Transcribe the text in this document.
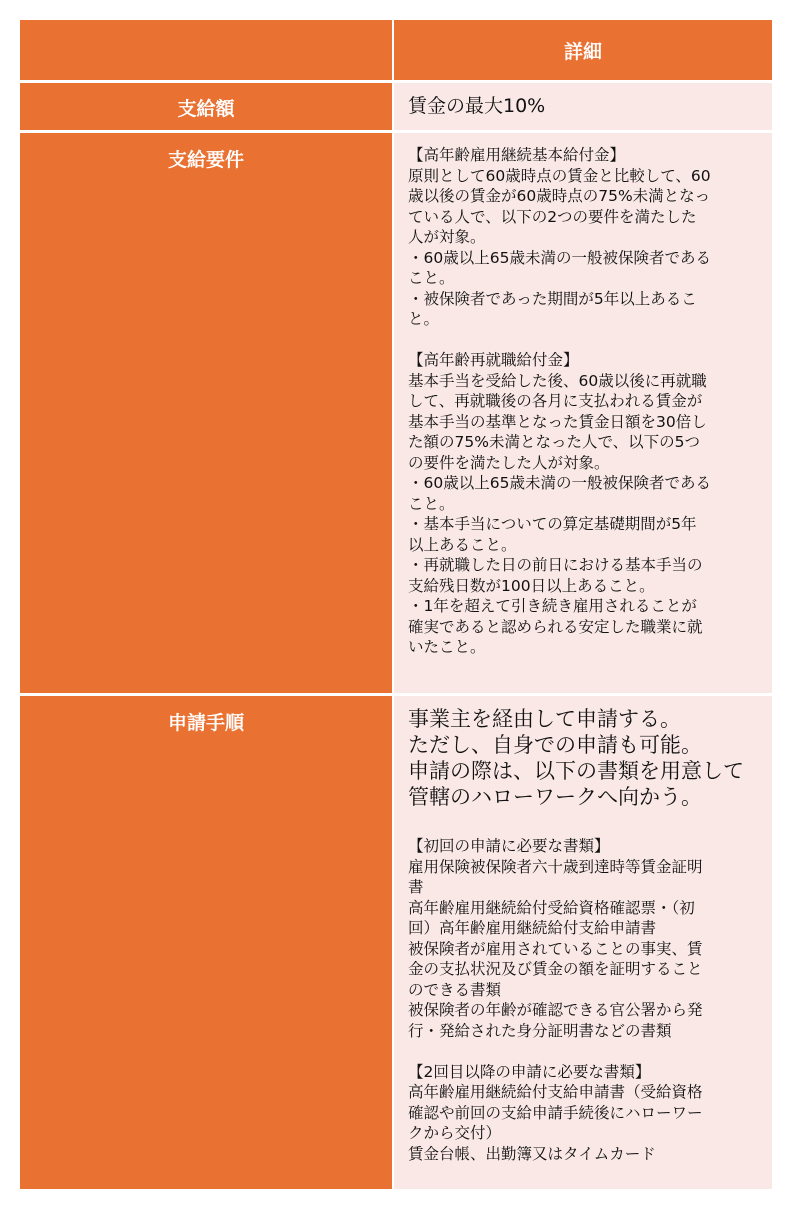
詳細
支給額	賃金の最大10%
支給要件	【高年齢雇用継続基本給付金】
原則として60歳時点の賃金と比較して、60
歳以後の賃金が60歳時点の75%未満となっ
ている人で、以下の2つの要件を満たした
人が対象。
・60歳以上65歳未満の一般被保険者である
こと。
・被保険者であった期間が5年以上あるこ
と。

【高年齢再就職給付金】
基本手当を受給した後、60歳以後に再就職
して、再就職後の各月に支払われる賃金が
基本手当の基準となった賃金日額を30倍し
た額の75%未満となった人で、以下の5つ
の要件を満たした人が対象。
・60歳以上65歳未満の一般被保険者である
こと。
・基本手当についての算定基礎期間が5年
以上あること。
・再就職した日の前日における基本手当の
支給残日数が100日以上あること。
・1年を超えて引き続き雇用されることが
確実であると認められる安定した職業に就
いたこと。
申請手順	事業主を経由して申請する。
ただし、自身での申請も可能。
申請の際は、以下の書類を用意して
管轄のハローワークへ向かう。
【初回の申請に必要な書類】
雇用保険被保険者六十歳到達時等賃金証明
書
高年齢雇用継続給付受給資格確認票・（初
回）高年齢雇用継続給付支給申請書
被保険者が雇用されていることの事実、賃
金の支払状況及び賃金の額を証明すること
のできる書類
被保険者の年齢が確認できる官公署から発
行・発給された身分証明書などの書類

【2回目以降の申請に必要な書類】
高年齢雇用継続給付支給申請書（受給資格
確認や前回の支給申請手続後にハローワー
クから交付）
賃金台帳、出勤簿又はタイムカード
